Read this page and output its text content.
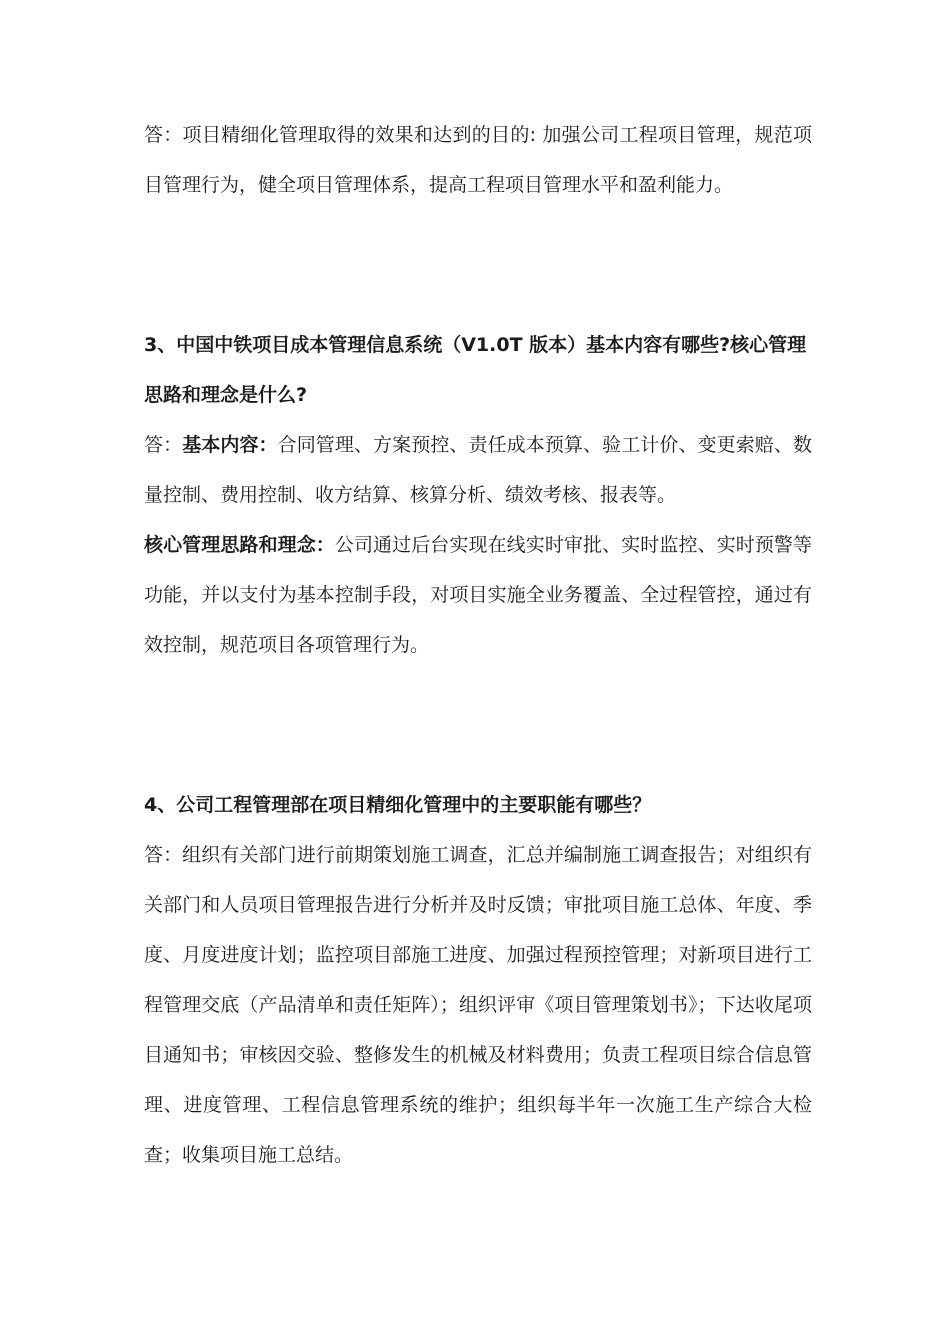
答：项目精细化管理取得的效果和达到的目的: 加强公司工程项目管理，规范项目管理行为，健全项目管理体系，提高工程项目管理水平和盈利能力。

3、中国中铁项目成本管理信息系统（V1.0T 版本）基本内容有哪些?核心管理思路和理念是什么?

答：基本内容：合同管理、方案预控、责任成本预算、验工计价、变更索赔、数量控制、费用控制、收方结算、核算分析、绩效考核、报表等。

核心管理思路和理念：公司通过后台实现在线实时审批、实时监控、实时预警等功能，并以支付为基本控制手段，对项目实施全业务覆盖、全过程管控，通过有效控制，规范项目各项管理行为。

4、公司工程管理部在项目精细化管理中的主要职能有哪些？

答：组织有关部门进行前期策划施工调查，汇总并编制施工调查报告；对组织有关部门和人员项目管理报告进行分析并及时反馈；审批项目施工总体、年度、季度、月度进度计划；监控项目部施工进度、加强过程预控管理；对新项目进行工程管理交底（产品清单和责任矩阵）；组织评审《项目管理策划书》；下达收尾项目通知书；审核因交验、整修发生的机械及材料费用；负责工程项目综合信息管理、进度管理、工程信息管理系统的维护；组织每半年一次施工生产综合大检查；收集项目施工总结。
